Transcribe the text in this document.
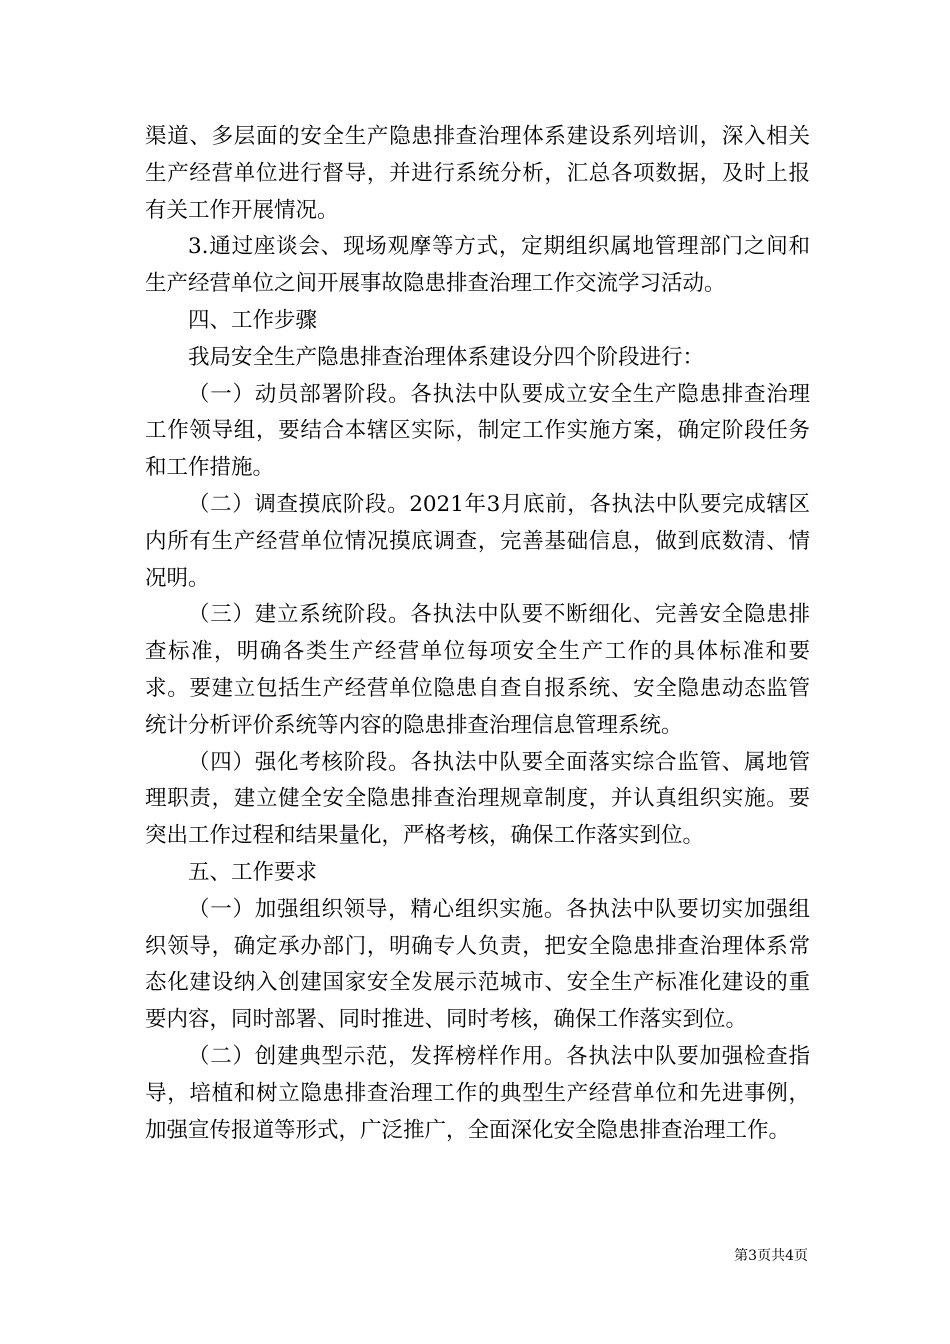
渠道、多层面的安全生产隐患排查治理体系建设系列培训，深入相关生产经营单位进行督导，并进行系统分析，汇总各项数据，及时上报有关工作开展情况。

3.通过座谈会、现场观摩等方式，定期组织属地管理部门之间和生产经营单位之间开展事故隐患排查治理工作交流学习活动。

四、工作步骤

我局安全生产隐患排查治理体系建设分四个阶段进行：

（一）动员部署阶段。各执法中队要成立安全生产隐患排查治理工作领导组，要结合本辖区实际，制定工作实施方案，确定阶段任务和工作措施。

（二）调查摸底阶段。2021年3月底前，各执法中队要完成辖区内所有生产经营单位情况摸底调查，完善基础信息，做到底数清、情况明。

（三）建立系统阶段。各执法中队要不断细化、完善安全隐患排查标准，明确各类生产经营单位每项安全生产工作的具体标准和要求。要建立包括生产经营单位隐患自查自报系统、安全隐患动态监管统计分析评价系统等内容的隐患排查治理信息管理系统。

（四）强化考核阶段。各执法中队要全面落实综合监管、属地管理职责，建立健全安全隐患排查治理规章制度，并认真组织实施。要突出工作过程和结果量化，严格考核，确保工作落实到位。

五、工作要求

（一）加强组织领导，精心组织实施。各执法中队要切实加强组织领导，确定承办部门，明确专人负责，把安全隐患排查治理体系常态化建设纳入创建国家安全发展示范城市、安全生产标准化建设的重要内容，同时部署、同时推进、同时考核，确保工作落实到位。

（二）创建典型示范，发挥榜样作用。各执法中队要加强检查指导，培植和树立隐患排查治理工作的典型生产经营单位和先进事例，加强宣传报道等形式，广泛推广，全面深化安全隐患排查治理工作。

第3页共4页
